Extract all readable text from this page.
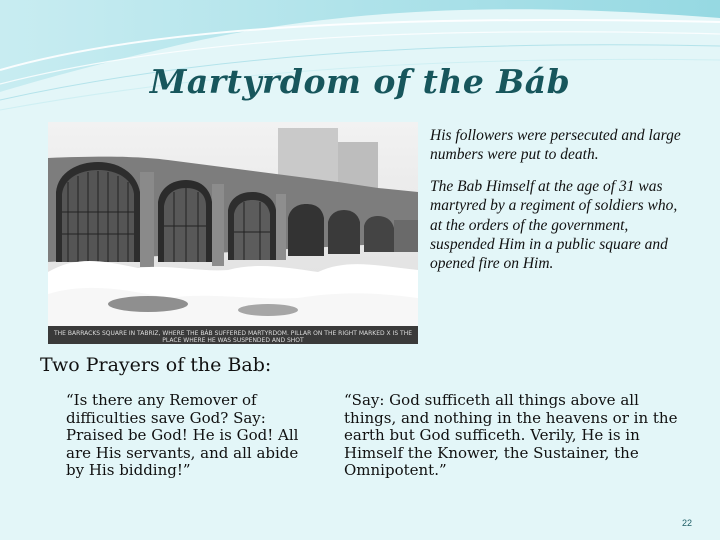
Martyrdom of the Báb
THE BARRACKS SQUARE IN TABRIZ, WHERE THE BÁB SUFFERED MARTYRDOM. PILLAR ON THE RIGHT MARKED X IS THE PLACE WHERE HE WAS SUSPENDED AND SHOT

His followers were persecuted and large numbers were put to death.

The Bab Himself at the age of 31 was martyred by a regiment of soldiers who, at the orders of the government, suspended Him in a public square and opened fire on Him.

Two Prayers of the Bab:

“Is there any Remover of difficulties save God? Say: Praised be God! He is God! All are His servants, and all abide by His bidding!”

“Say: God sufficeth all things above all things, and nothing in the heavens or in the earth but God sufficeth. Verily, He is in Himself the Knower, the Sustainer, the Omnipotent.”

22
